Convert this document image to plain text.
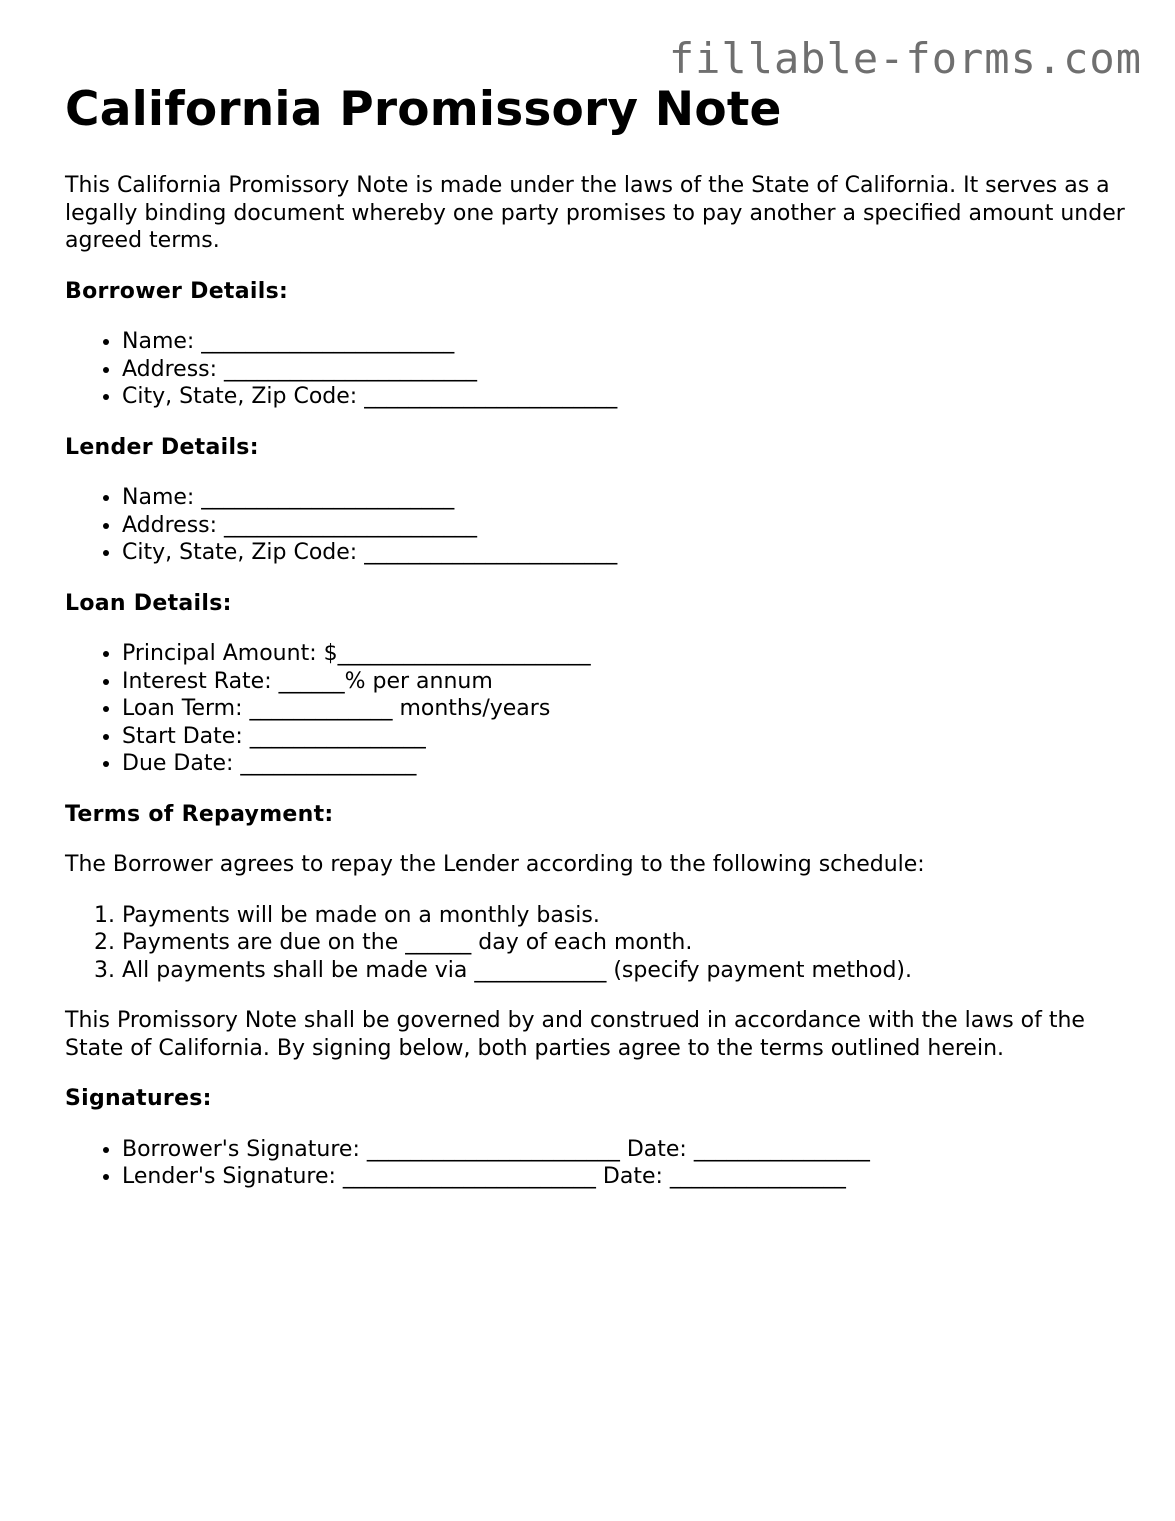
fillable-forms.com
California Promissory Note

This California Promissory Note is made under the laws of the State of California. It serves as a legally binding document whereby one party promises to pay another a specified amount under agreed terms.

Borrower Details:
• Name: _______________________
• Address: _______________________
• City, State, Zip Code: _______________________
Lender Details:
• Name: _______________________
• Address: _______________________
• City, State, Zip Code: _______________________
Loan Details:
• Principal Amount: $_______________________
• Interest Rate: ______% per annum
• Loan Term: _____________ months/years
• Start Date: ________________
• Due Date: ________________
Terms of Repayment:

The Borrower agrees to repay the Lender according to the following schedule:

1. Payments will be made on a monthly basis.
2. Payments are due on the ______ day of each month.
3. All payments shall be made via ____________ (specify payment method).

This Promissory Note shall be governed by and construed in accordance with the laws of the State of California. By signing below, both parties agree to the terms outlined herein.

Signatures:
• Borrower's Signature: _______________________ Date: ________________
• Lender's Signature: _______________________ Date: ________________
